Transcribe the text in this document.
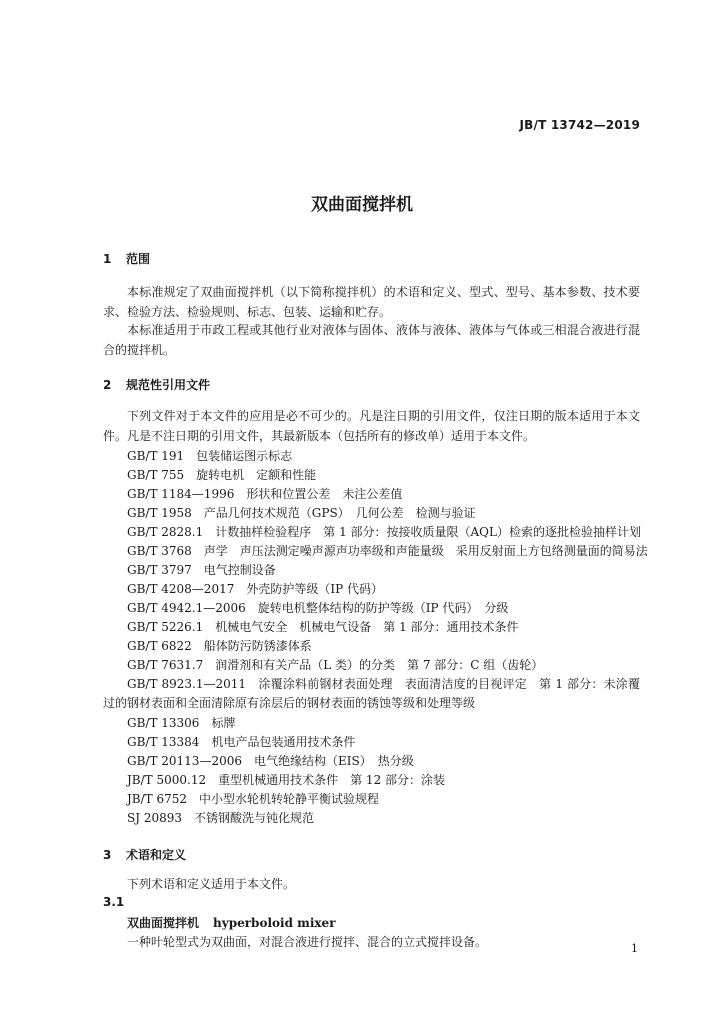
JB/T 13742—2019
双曲面搅拌机
1 范围
本标准规定了双曲面搅拌机（以下简称搅拌机）的术语和定义、型式、型号、基本参数、技术要求、检验方法、检验规则、标志、包装、运输和贮存。
本标准适用于市政工程或其他行业对液体与固体、液体与液体、液体与气体或三相混合液进行混合的搅拌机。
2 规范性引用文件
下列文件对于本文件的应用是必不可少的。凡是注日期的引用文件，仅注日期的版本适用于本文件。凡是不注日期的引用文件，其最新版本（包括所有的修改单）适用于本文件。
GB/T 191　包装储运图示标志
GB/T 755　旋转电机　定额和性能
GB/T 1184—1996　形状和位置公差　未注公差值
GB/T 1958　产品几何技术规范（GPS）　几何公差　检测与验证
GB/T 2828.1　计数抽样检验程序　第 1 部分：按接收质量限（AQL）检索的逐批检验抽样计划
GB/T 3768　声学　声压法测定噪声源声功率级和声能量级　采用反射面上方包络测量面的简易法
GB/T 3797　电气控制设备
GB/T 4208—2017　外壳防护等级（IP 代码）
GB/T 4942.1—2006　旋转电机整体结构的防护等级（IP 代码）　分级
GB/T 5226.1　机械电气安全　机械电气设备　第 1 部分：通用技术条件
GB/T 6822　船体防污防锈漆体系
GB/T 7631.7　润滑剂和有关产品（L 类）的分类　第 7 部分：C 组（齿轮）
GB/T 8923.1—2011　涂覆涂料前钢材表面处理　表面清洁度的目视评定　第 1 部分：未涂覆过的钢材表面和全面清除原有涂层后的钢材表面的锈蚀等级和处理等级
GB/T 13306　标牌
GB/T 13384　机电产品包装通用技术条件
GB/T 20113—2006　电气绝缘结构（EIS）　热分级
JB/T 5000.12　重型机械通用技术条件　第 12 部分：涂装
JB/T 6752　中小型水轮机转轮静平衡试验规程
SJ 20893　不锈钢酸洗与钝化规范
3 术语和定义
下列术语和定义适用于本文件。
3.1
双曲面搅拌机 hyperboloid mixer
一种叶轮型式为双曲面，对混合液进行搅拌、混合的立式搅拌设备。	1
